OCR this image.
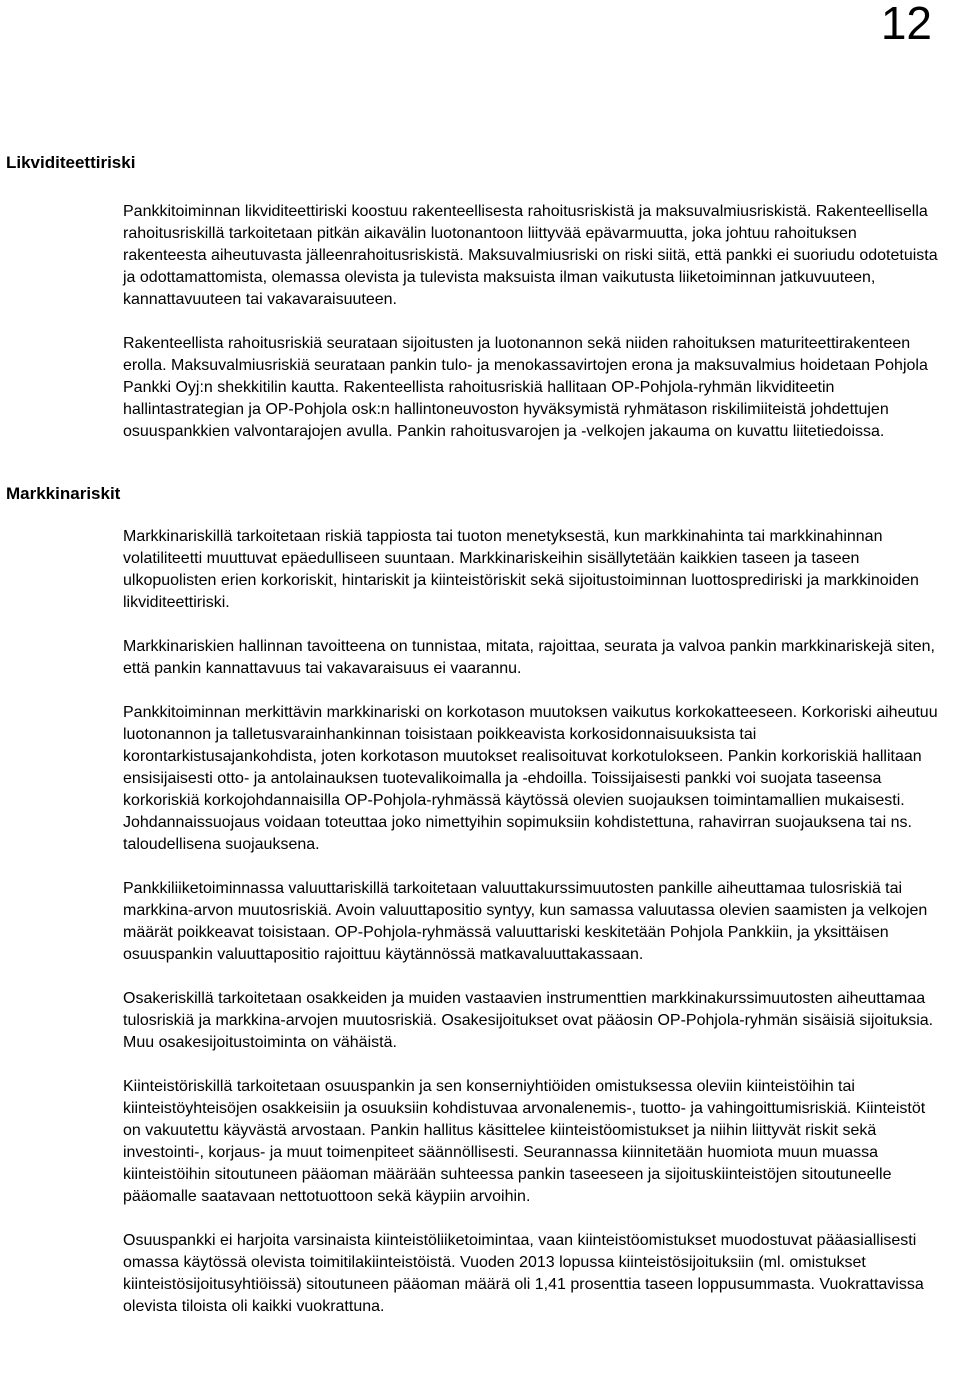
12
Likviditeettiriski

Pankkitoiminnan likviditeettiriski koostuu rakenteellisesta rahoitusriskistä ja maksuvalmiusriskistä. Rakenteellisella rahoitusriskillä tarkoitetaan pitkän aikavälin luotonantoon liittyvää epävarmuutta, joka johtuu rahoituksen rakenteesta aiheutuvasta jälleenrahoitusriskistä. Maksuvalmiusriski on riski siitä, että pankki ei suoriudu odotetuista ja odottamattomista, olemassa olevista ja tulevista maksuista ilman vaikutusta liiketoiminnan jatkuvuuteen, kannattavuuteen tai vakavaraisuuteen.

Rakenteellista rahoitusriskiä seurataan sijoitusten ja luotonannon sekä niiden rahoituksen maturiteettirakenteen erolla. Maksuvalmiusriskiä seurataan pankin tulo- ja menokassavirtojen erona ja maksuvalmius hoidetaan Pohjola Pankki Oyj:n shekkitilin kautta. Rakenteellista rahoitusriskiä hallitaan OP-Pohjola-ryhmän likviditeetin hallintastrategian ja OP-Pohjola osk:n hallintoneuvoston hyväksymistä ryhmätason riskilimiiteistä johdettujen osuuspankkien valvontarajojen avulla. Pankin rahoitusvarojen ja -velkojen jakauma on kuvattu liitetiedoissa.

Markkinariskit

Markkinariskillä tarkoitetaan riskiä tappiosta tai tuoton menetyksestä, kun markkinahinta tai markkinahinnan volatiliteetti muuttuvat epäedulliseen suuntaan. Markkinariskeihin sisällytetään kaikkien taseen ja taseen ulkopuolisten erien korkoriskit, hintariskit ja kiinteistöriskit sekä sijoitustoiminnan luottosprediriski ja markkinoiden likviditeettiriski.

Markkinariskien hallinnan tavoitteena on tunnistaa, mitata, rajoittaa, seurata ja valvoa pankin markkinariskejä siten, että pankin kannattavuus tai vakavaraisuus ei vaarannu.

Pankkitoiminnan merkittävin markkinariski on korkotason muutoksen vaikutus korkokatteeseen. Korkoriski aiheutuu luotonannon ja talletusvarainhankinnan toisistaan poikkeavista korkosidonnaisuuksista tai korontarkistusajankohdista, joten korkotason muutokset realisoituvat korkotulokseen. Pankin korkoriskiä hallitaan ensisijaisesti otto- ja antolainauksen tuotevalikoimalla ja -ehdoilla. Toissijaisesti pankki voi suojata taseensa korkoriskiä korkojohdannaisilla OP-Pohjola-ryhmässä käytössä olevien suojauksen toimintamallien mukaisesti. Johdannaissuojaus voidaan toteuttaa joko nimettyihin sopimuksiin kohdistettuna, rahavirran suojauksena tai ns. taloudellisena suojauksena.

Pankkiliiketoiminnassa valuuttariskillä tarkoitetaan valuuttakurssimuutosten pankille aiheuttamaa tulosriskiä tai markkina-arvon muutosriskiä. Avoin valuuttapositio syntyy, kun samassa valuutassa olevien saamisten ja velkojen määrät poikkeavat toisistaan. OP-Pohjola-ryhmässä valuuttariski keskitetään Pohjola Pankkiin, ja yksittäisen osuuspankin valuuttapositio rajoittuu käytännössä matkavaluuttakassaan.

Osakeriskillä tarkoitetaan osakkeiden ja muiden vastaavien instrumenttien markkinakurssimuutosten aiheuttamaa tulosriskiä ja markkina-arvojen muutosriskiä. Osakesijoitukset ovat pääosin OP-Pohjola-ryhmän sisäisiä sijoituksia. Muu osakesijoitustoiminta on vähäistä.

Kiinteistöriskillä tarkoitetaan osuuspankin ja sen konserniyhtiöiden omistuksessa oleviin kiinteistöihin tai kiinteistöyhteisöjen osakkeisiin ja osuuksiin kohdistuvaa arvonalenemis-, tuotto- ja vahingoittumisriskiä. Kiinteistöt on vakuutettu käyvästä arvostaan. Pankin hallitus käsittelee kiinteistöomistukset ja niihin liittyvät riskit sekä investointi-, korjaus- ja muut toimenpiteet säännöllisesti. Seurannassa kiinnitetään huomiota muun muassa kiinteistöihin sitoutuneen pääoman määrään suhteessa pankin taseeseen ja sijoituskiinteistöjen sitoutuneelle pääomalle saatavaan nettotuottoon sekä käypiin arvoihin.

Osuuspankki ei harjoita varsinaista kiinteistöliiketoimintaa, vaan kiinteistöomistukset muodostuvat pääasiallisesti omassa käytössä olevista toimitilakiinteistöistä. Vuoden 2013 lopussa kiinteistösijoituksiin (ml. omistukset kiinteistösijoitusyhtiöissä) sitoutuneen pääoman määrä oli 1,41 prosenttia taseen loppusummasta. Vuokrattavissa olevista tiloista oli kaikki vuokrattuna.
